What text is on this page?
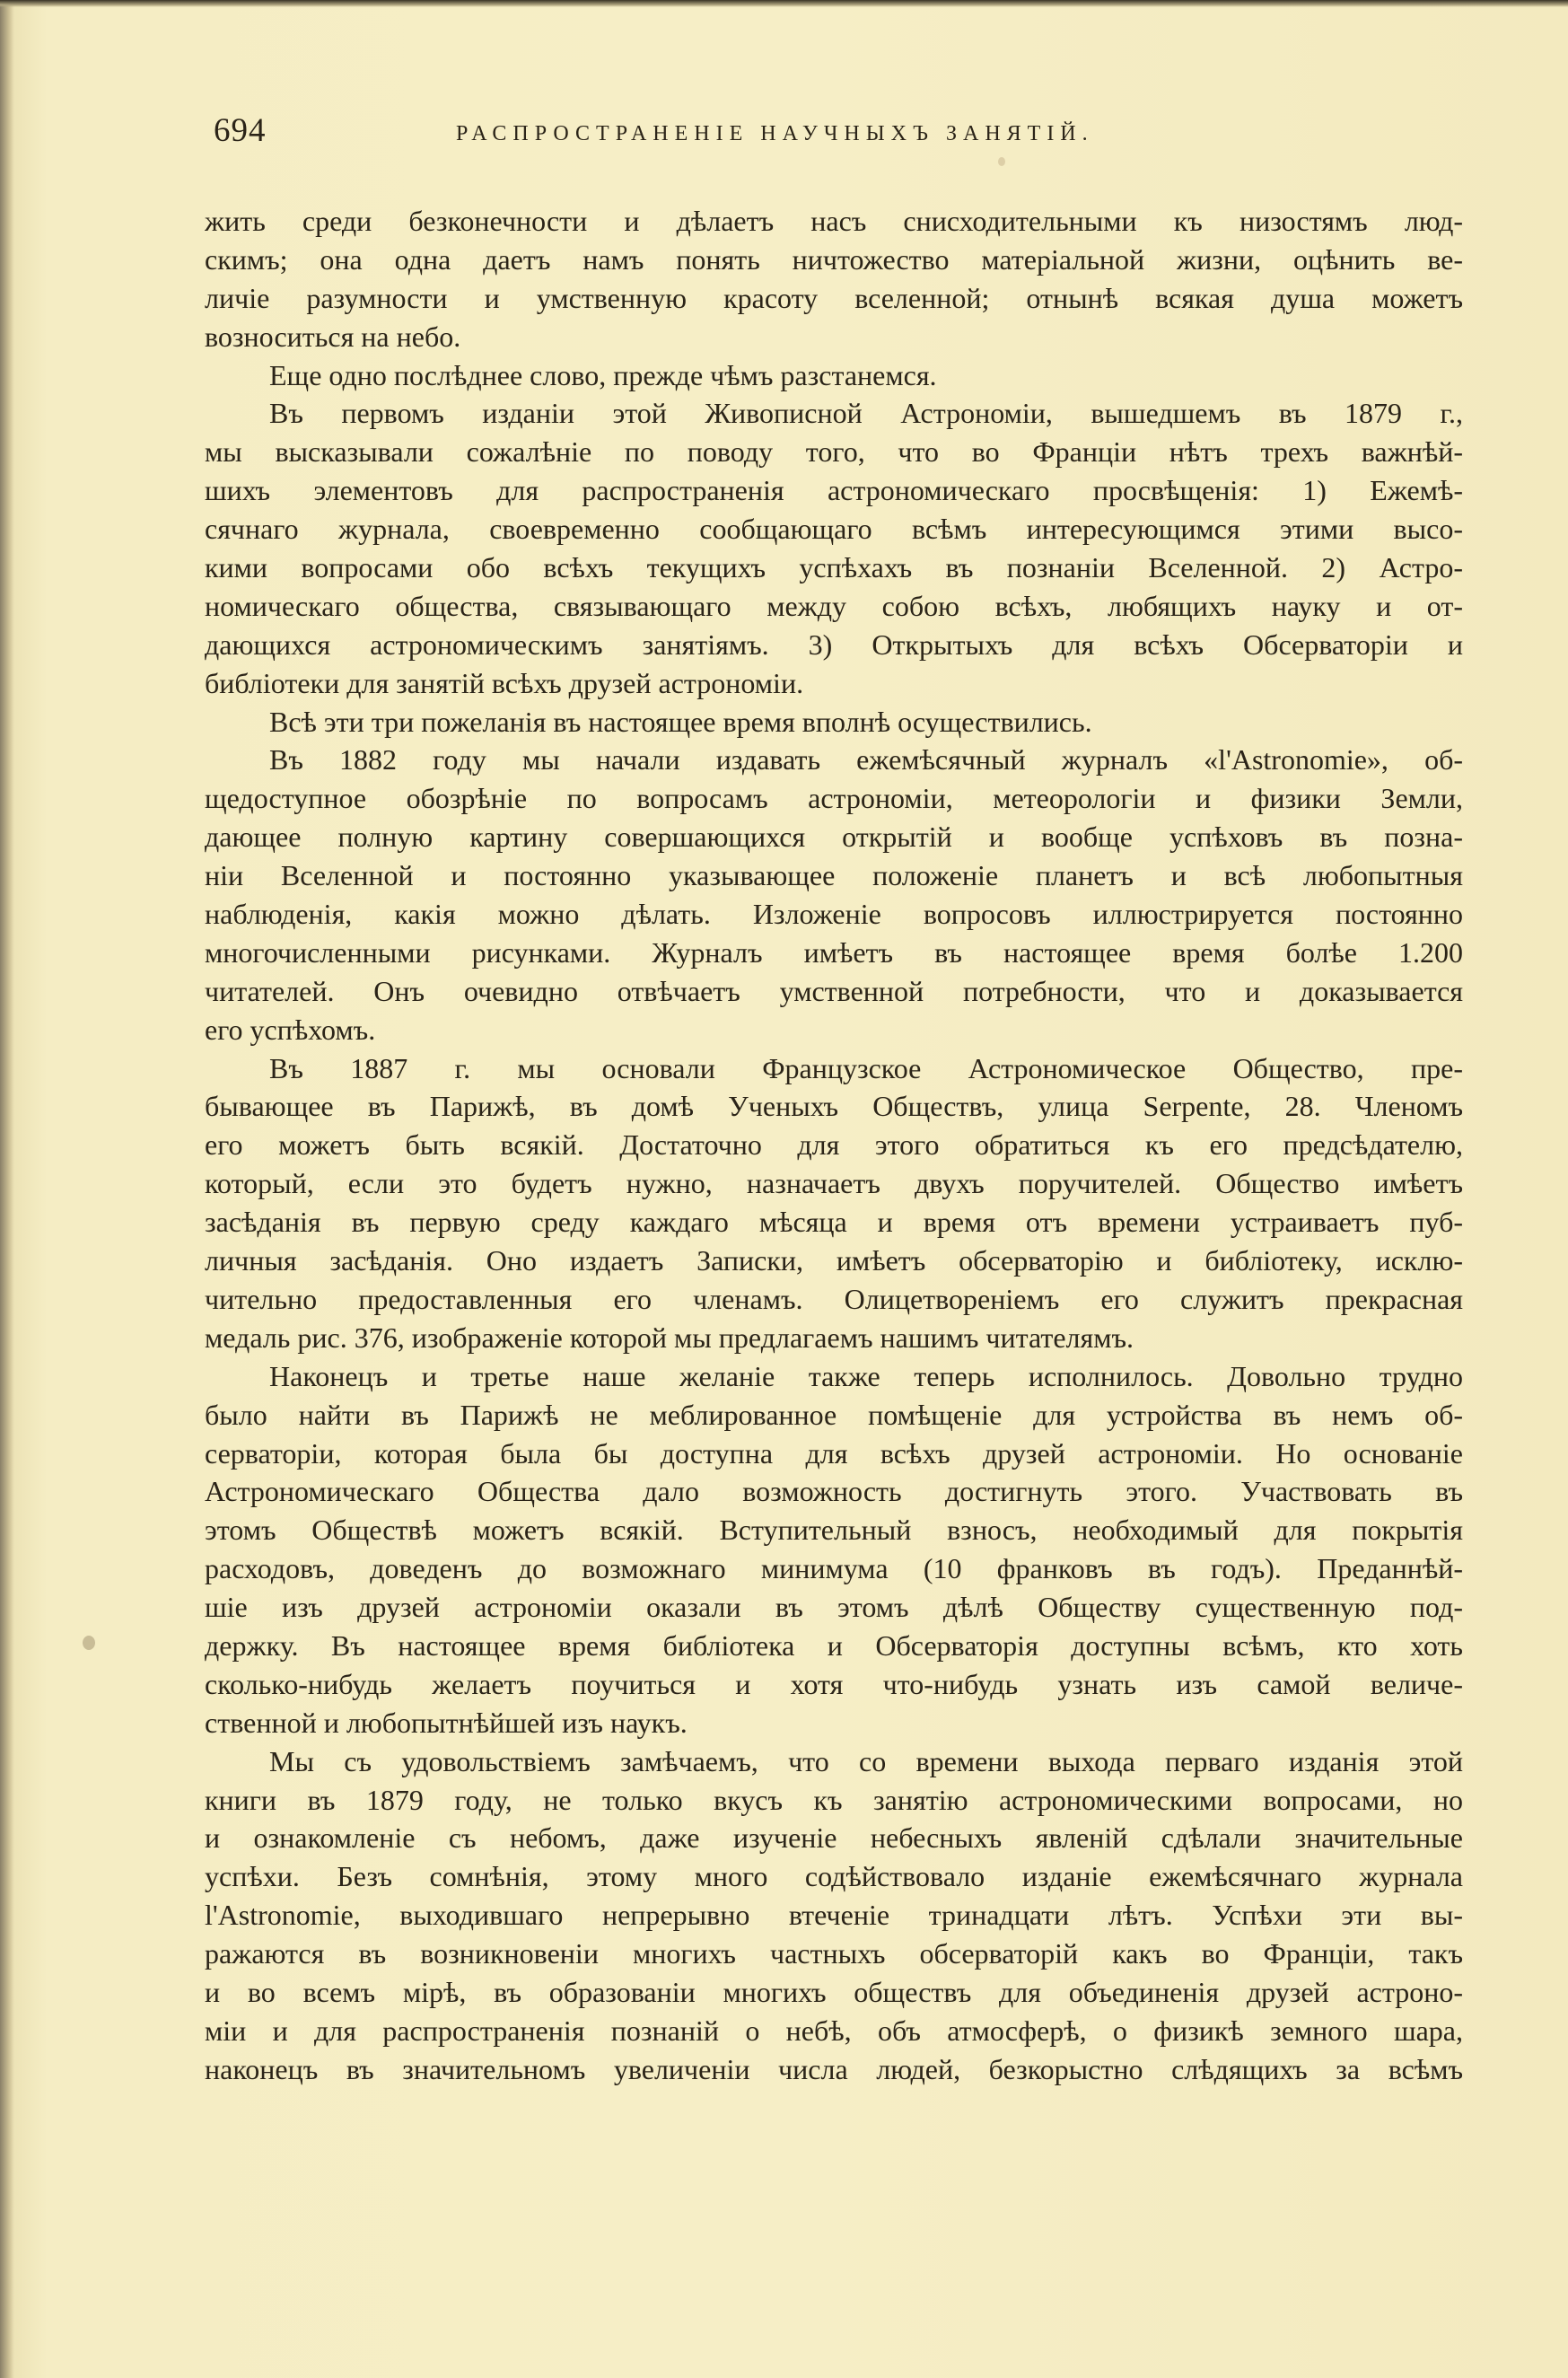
694	РАСПРОСТРАНЕНІЕ НАУЧНЫХЪ ЗАНЯТІЙ.
жить среди безконечности и дѣлаетъ насъ снисходительными къ низостямъ люд-
скимъ; она одна даетъ намъ понять ничтожество матеріальной жизни, оцѣнить ве-
личіе разумности и умственную красоту вселенной; отнынѣ всякая душа можетъ
возноситься на небо.
Еще одно послѣднее слово, прежде чѣмъ разстанемся.
Въ первомъ изданіи этой Живописной Астрономіи, вышедшемъ въ 1879 г.,
мы высказывали сожалѣніе по поводу того, что во Франціи нѣтъ трехъ важнѣй-
шихъ элементовъ для распространенія астрономическаго просвѣщенія: 1) Ежемѣ-
сячнаго журнала, своевременно сообщающаго всѣмъ интересующимся этими высо-
кими вопросами обо всѣхъ текущихъ успѣхахъ въ познаніи Вселенной. 2) Астро-
номическаго общества, связывающаго между собою всѣхъ, любящихъ науку и от-
дающихся астрономическимъ занятіямъ. 3) Открытыхъ для всѣхъ Обсерваторіи и
библіотеки для занятій всѣхъ друзей астрономіи.
Всѣ эти три пожеланія въ настоящее время вполнѣ осуществились.
Въ 1882 году мы начали издавать ежемѣсячный журналъ «l'Astronomie», об-
щедоступное обозрѣніе по вопросамъ астрономіи, метеорологіи и физики Земли,
дающее полную картину совершающихся открытій и вообще успѣховъ въ позна-
ніи Вселенной и постоянно указывающее положеніе планетъ и всѣ любопытныя
наблюденія, какія можно дѣлать. Изложеніе вопросовъ иллюстрируется постоянно
многочисленными рисунками. Журналъ имѣетъ въ настоящее время болѣе 1.200
читателей. Онъ очевидно отвѣчаетъ умственной потребности, что и доказывается
его успѣхомъ.
Въ 1887 г. мы основали Французское Астрономическое Общество, пре-
бывающее въ Парижѣ, въ домѣ Ученыхъ Обществъ, улица Serpente, 28. Членомъ
его можетъ быть всякій. Достаточно для этого обратиться къ его предсѣдателю,
который, если это будетъ нужно, назначаетъ двухъ поручителей. Общество имѣетъ
засѣданія въ первую среду каждаго мѣсяца и время отъ времени устраиваетъ пуб-
личныя засѣданія. Оно издаетъ Записки, имѣетъ обсерваторію и библіотеку, исклю-
чительно предоставленныя его членамъ. Олицетвореніемъ его служитъ прекрасная
медаль рис. 376, изображеніе которой мы предлагаемъ нашимъ читателямъ.
Наконецъ и третье наше желаніе также теперь исполнилось. Довольно трудно
было найти въ Парижѣ не меблированное помѣщеніе для устройства въ немъ об-
серваторіи, которая была бы доступна для всѣхъ друзей астрономіи. Но основаніе
Астрономическаго Общества дало возможность достигнуть этого. Участвовать въ
этомъ Обществѣ можетъ всякій. Вступительный взносъ, необходимый для покрытія
расходовъ, доведенъ до возможнаго минимума (10 франковъ въ годъ). Преданнѣй-
шіе изъ друзей астрономіи оказали въ этомъ дѣлѣ Обществу существенную под-
держку. Въ настоящее время библіотека и Обсерваторія доступны всѣмъ, кто хоть
сколько-нибудь желаетъ поучиться и хотя что-нибудь узнать изъ самой величе-
ственной и любопытнѣйшей изъ наукъ.
Мы съ удовольствіемъ замѣчаемъ, что со времени выхода перваго изданія этой
книги въ 1879 году, не только вкусъ къ занятію астрономическими вопросами, но
и ознакомленіе съ небомъ, даже изученіе небесныхъ явленій сдѣлали значительные
успѣхи. Безъ сомнѣнія, этому много содѣйствовало изданіе ежемѣсячнаго журнала
l'Astronomie, выходившаго непрерывно втеченіе тринадцати лѣтъ. Успѣхи эти вы-
ражаются въ возникновеніи многихъ частныхъ обсерваторій какъ во Франціи, такъ
и во всемъ мірѣ, въ образованіи многихъ обществъ для объединенія друзей астроно-
міи и для распространенія познаній о небѣ, объ атмосферѣ, о физикѣ земного шара,
наконецъ въ значительномъ увеличеніи числа людей, безкорыстно слѣдящихъ за всѣмъ
